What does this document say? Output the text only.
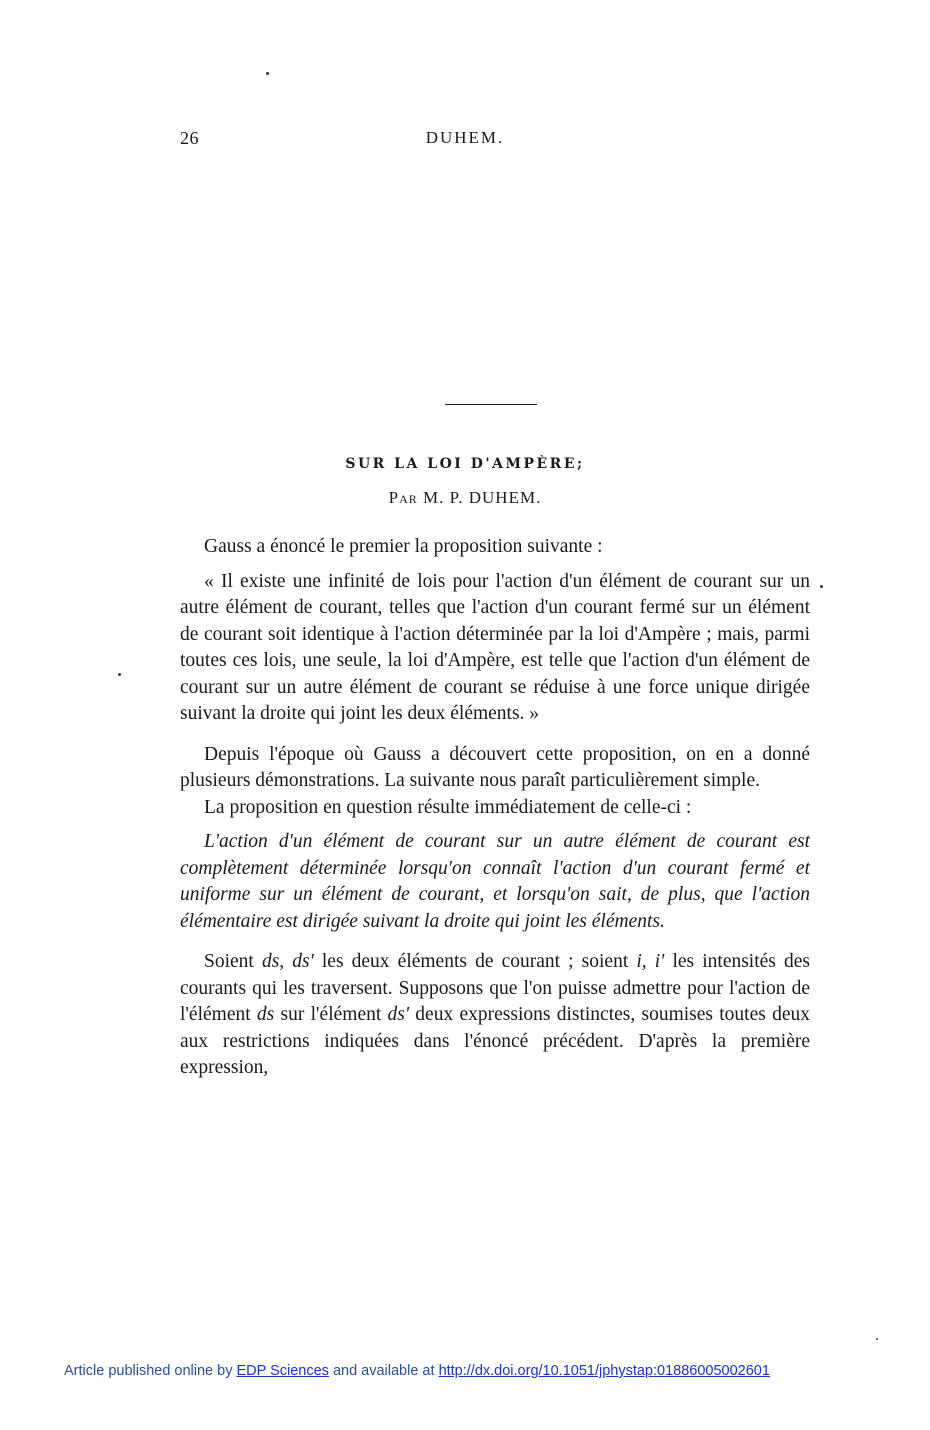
26	DUHEM.
SUR LA LOI D'AMPÈRE;
Par M. P. DUHEM.

Gauss a énoncé le premier la proposition suivante :

« Il existe une infinité de lois pour l'action d'un élément de courant sur un autre élément de courant, telles que l'action d'un courant fermé sur un élément de courant soit identique à l'action déterminée par la loi d'Ampère ; mais, parmi toutes ces lois, une seule, la loi d'Ampère, est telle que l'action d'un élément de courant sur un autre élément de courant se réduise à une force unique dirigée suivant la droite qui joint les deux éléments. »

Depuis l'époque où Gauss a découvert cette proposition, on en a donné plusieurs démonstrations. La suivante nous paraît particulièrement simple.

La proposition en question résulte immédiatement de celle-ci :

L'action d'un élément de courant sur un autre élément de courant est complètement déterminée lorsqu'on connaît l'action d'un courant fermé et uniforme sur un élément de courant, et lorsqu'on sait, de plus, que l'action élémentaire est dirigée suivant la droite qui joint les éléments.

Soient ds, ds' les deux éléments de courant ; soient i, i' les intensités des courants qui les traversent. Supposons que l'on puisse admettre pour l'action de l'élément ds sur l'élément ds' deux expressions distinctes, soumises toutes deux aux restrictions indiquées dans l'énoncé précédent. D'après la première expression,

Article published online by EDP Sciences and available at http://dx.doi.org/10.1051/jphystap:01886005002601
